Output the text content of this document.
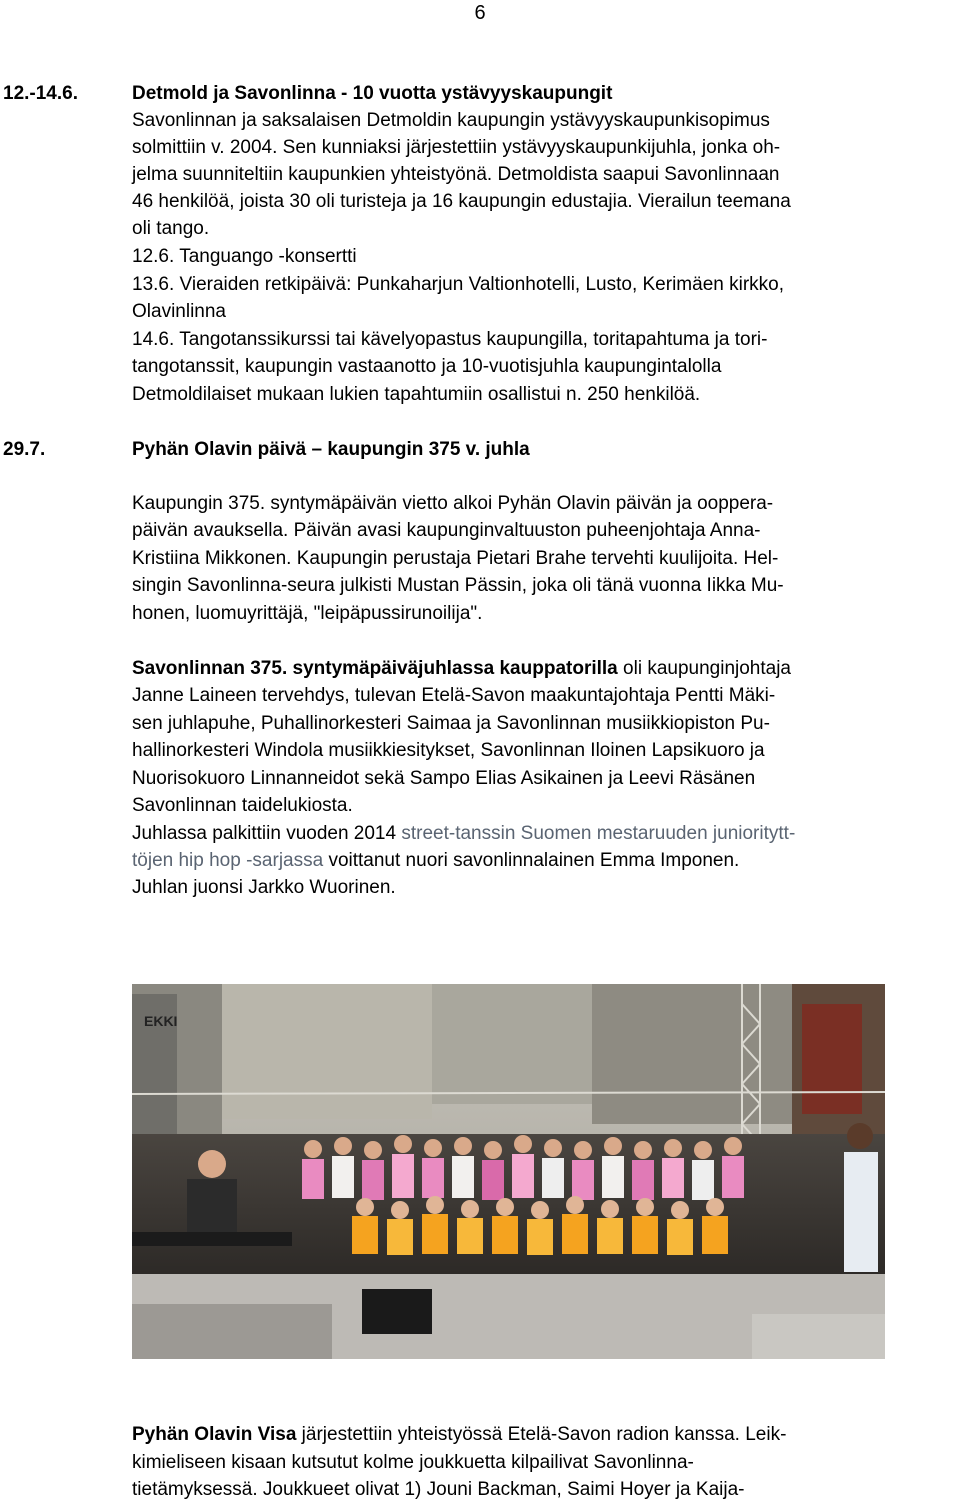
6
12.-14.6.	Detmold ja Savonlinna - 10 vuotta ystävyyskaupungit
Savonlinnan ja saksalaisen Detmoldin kaupungin ystävyyskaupunkisopimus
solmittiin v. 2004. Sen kunniaksi järjestettiin ystävyyskaupunkijuhla, jonka oh-
jelma suunniteltiin kaupunkien yhteistyönä. Detmoldista saapui Savonlinnaan
46 henkilöä, joista 30 oli turisteja ja 16 kaupungin edustajia. Vierailun teemana
oli tango.
12.6. Tanguango -konsertti
13.6. Vieraiden retkipäivä: Punkaharjun Valtionhotelli, Lusto, Kerimäen kirkko,
Olavinlinna
14.6. Tangotanssikurssi tai kävelyopastus kaupungilla, toritapahtuma ja tori-
tangotanssit, kaupungin vastaanotto ja 10-vuotisjuhla kaupungintalolla
Detmoldilaiset mukaan lukien tapahtumiin osallistui n. 250 henkilöä.
29.7.	Pyhän Olavin päivä – kaupungin 375 v. juhla
Kaupungin 375. syntymäpäivän vietto alkoi Pyhän Olavin päivän ja ooppera-
päivän avauksella. Päivän avasi kaupunginvaltuuston puheenjohtaja Anna-
Kristiina Mikkonen. Kaupungin perustaja Pietari Brahe tervehti kuulijoita. Hel-
singin Savonlinna-seura julkisti Mustan Pässin, joka oli tänä vuonna Iikka Mu-
honen, luomuyrittäjä, "leipäpussirunoilija".
Savonlinnan 375. syntymäpäiväjuhlassa kauppatorilla oli kaupunginjohtaja
Janne Laineen tervehdys, tulevan Etelä-Savon maakuntajohtaja Pentti Mäki-
sen juhlapuhe, Puhallinorkesteri Saimaa ja Savonlinnan musiikkiopiston Pu-
hallinorkesteri Windola musiikkiesitykset, Savonlinnan Iloinen Lapsikuoro ja
Nuorisokuoro Linnanneidot sekä Sampo Elias Asikainen ja Leevi Räsänen
Savonlinnan taidelukiosta.
Juhlassa palkittiin vuoden 2014 street-tanssin Suomen mestaruuden junioritytt-
töjen hip hop -sarjassa voittanut nuori savonlinnalainen Emma Imponen.
Juhlan juonsi Jarkko Wuorinen.
EKKI
Pyhän Olavin Visa järjestettiin yhteistyössä Etelä-Savon radion kanssa. Leik-
kimieliseen kisaan kutsutut kolme joukkuetta kilpailivat Savonlinna-
tietämyksessä. Joukkueet olivat 1) Jouni Backman, Saimi Hoyer ja Kaija-
